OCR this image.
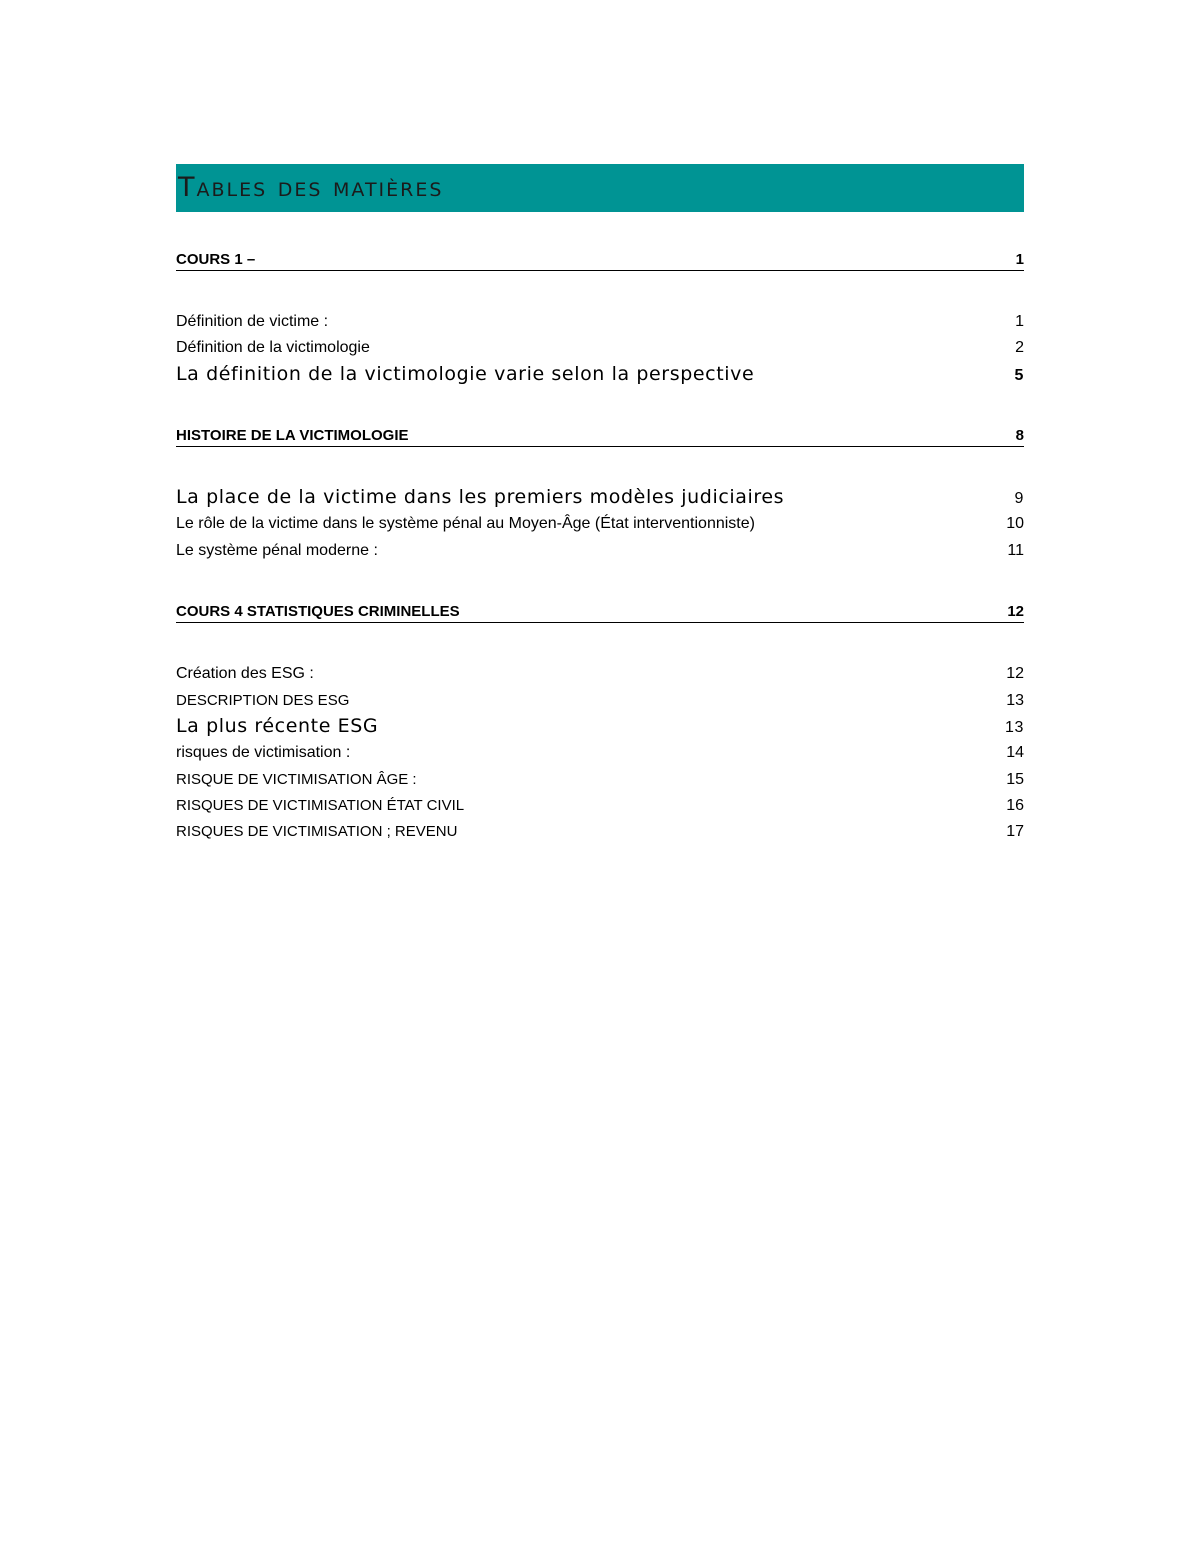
Tables des matières
COURS 1 –	1
Définition de victime :	1
Définition de la victimologie	2
La définition de la victimologie varie selon la perspective	5
HISTOIRE DE LA VICTIMOLOGIE	8
La place de la victime dans les premiers modèles judiciaires	9
Le rôle de la victime dans le système pénal au Moyen-Âge (État interventionniste)	10
Le système pénal moderne :	11
COURS 4 STATISTIQUES CRIMINELLES	12
Création des ESG :	12
DESCRIPTION DES ESG	13
La plus récente ESG	13
risques de victimisation :	14
RISQUE DE VICTIMISATION ÂGE :	15
RISQUES DE VICTIMISATION ÉTAT CIVIL	16
RISQUES DE VICTIMISATION ; REVENU	17
